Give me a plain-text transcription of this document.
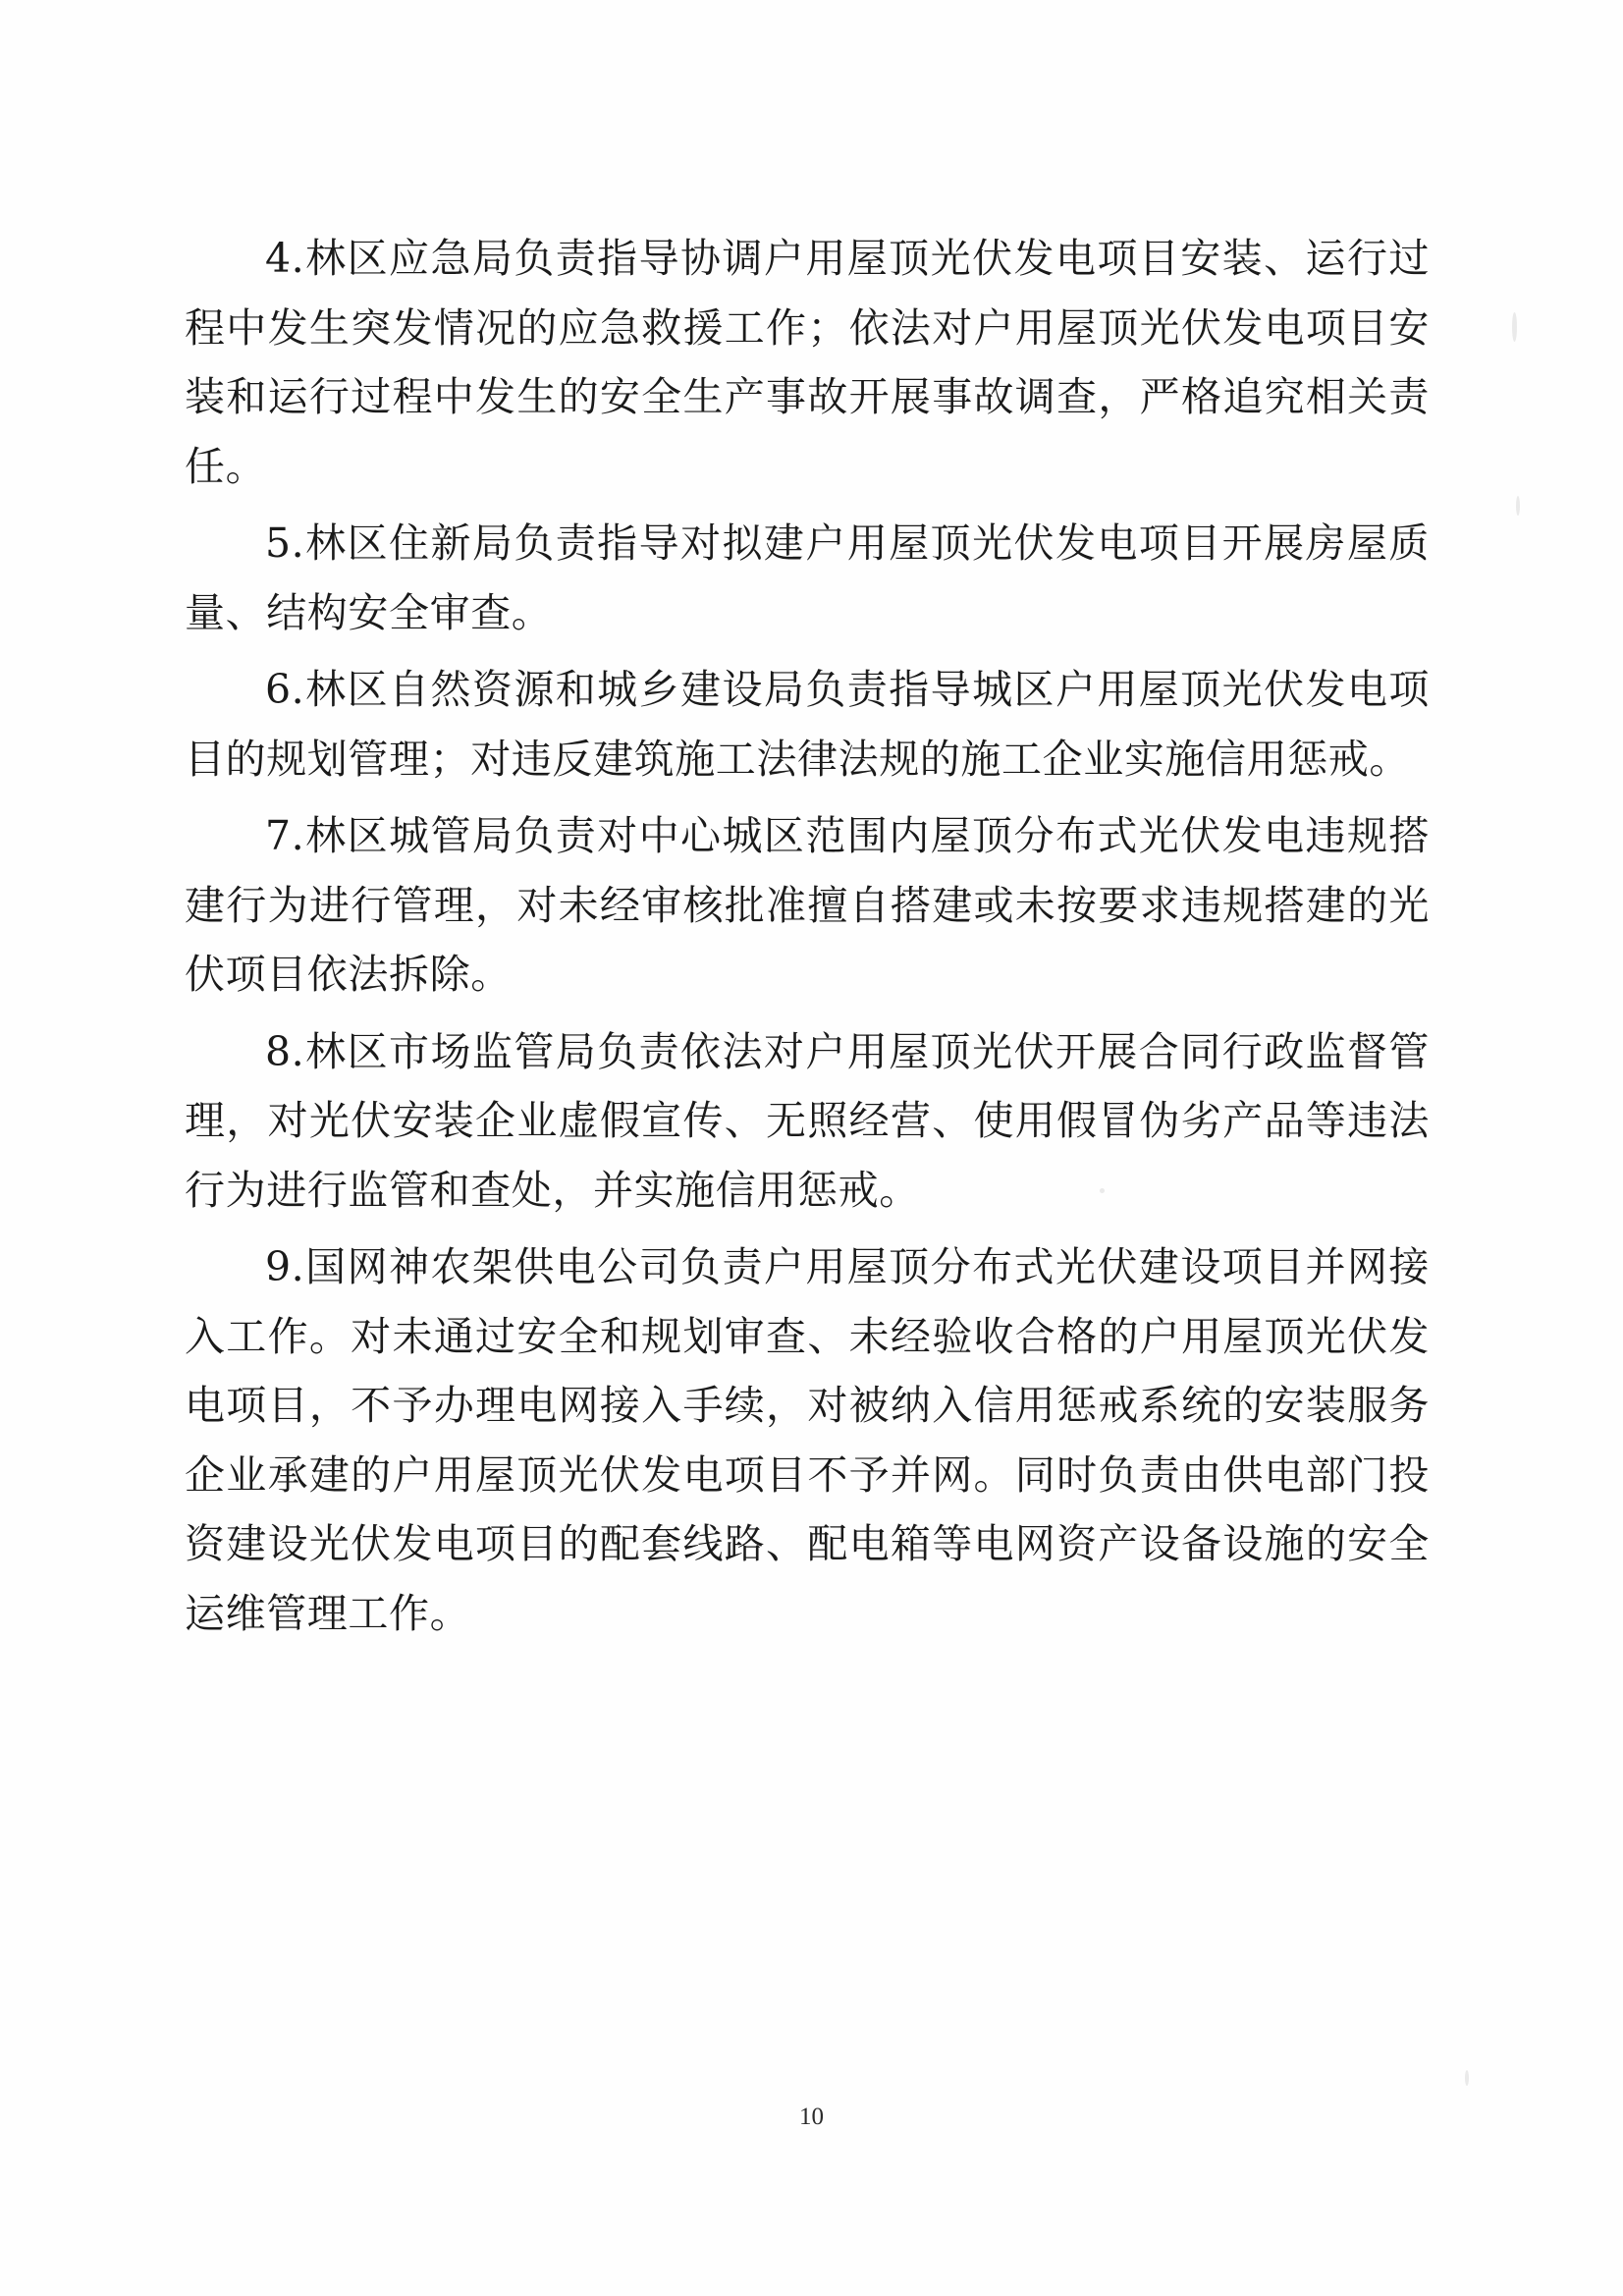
4.林区应急局负责指导协调户用屋顶光伏发电项目安装、运行过程中发生突发情况的应急救援工作；依法对户用屋顶光伏发电项目安装和运行过程中发生的安全生产事故开展事故调查，严格追究相关责任。

5.林区住新局负责指导对拟建户用屋顶光伏发电项目开展房屋质量、结构安全审查。

6.林区自然资源和城乡建设局负责指导城区户用屋顶光伏发电项目的规划管理；对违反建筑施工法律法规的施工企业实施信用惩戒。

7.林区城管局负责对中心城区范围内屋顶分布式光伏发电违规搭建行为进行管理，对未经审核批准擅自搭建或未按要求违规搭建的光伏项目依法拆除。

8.林区市场监管局负责依法对户用屋顶光伏开展合同行政监督管理，对光伏安装企业虚假宣传、无照经营、使用假冒伪劣产品等违法行为进行监管和查处，并实施信用惩戒。

9.国网神农架供电公司负责户用屋顶分布式光伏建设项目并网接入工作。对未通过安全和规划审查、未经验收合格的户用屋顶光伏发电项目，不予办理电网接入手续，对被纳入信用惩戒系统的安装服务企业承建的户用屋顶光伏发电项目不予并网。同时负责由供电部门投资建设光伏发电项目的配套线路、配电箱等电网资产设备设施的安全运维管理工作。

10
